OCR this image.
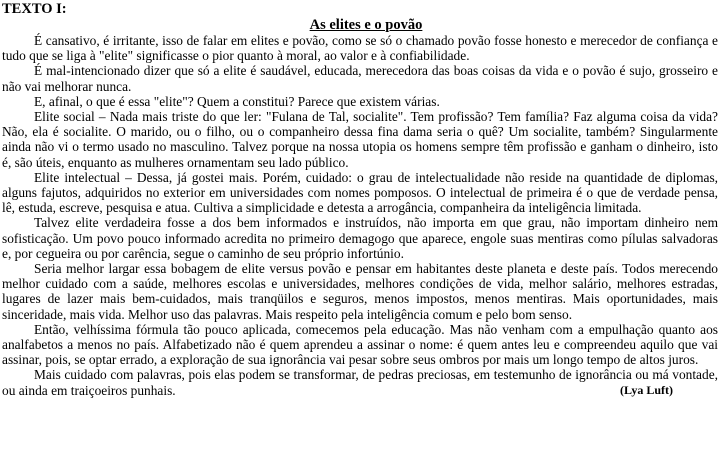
TEXTO I:

As elites e o povão

É cansativo, é irritante, isso de falar em elites e povão, como se só o chamado povão fosse honesto e merecedor de confiança e tudo que se liga à "elite" significasse o pior quanto à moral, ao valor e à confiabilidade.

É mal-intencionado dizer que só a elite é saudável, educada, merecedora das boas coisas da vida e o povão é sujo, grosseiro e não vai melhorar nunca.

E, afinal, o que é essa "elite"? Quem a constitui? Parece que existem várias.

Elite social – Nada mais triste do que ler: "Fulana de Tal, socialite". Tem profissão? Tem família? Faz alguma coisa da vida? Não, ela é socialite. O marido, ou o filho, ou o companheiro dessa fina dama seria o quê? Um socialite, também? Singularmente ainda não vi o termo usado no masculino. Talvez porque na nossa utopia os homens sempre têm profissão e ganham o dinheiro, isto é, são úteis, enquanto as mulheres ornamentam seu lado público.

Elite intelectual – Dessa, já gostei mais. Porém, cuidado: o grau de intelectualidade não reside na quantidade de diplomas, alguns fajutos, adquiridos no exterior em universidades com nomes pomposos. O intelectual de primeira é o que de verdade pensa, lê, estuda, escreve, pesquisa e atua. Cultiva a simplicidade e detesta a arrogância, companheira da inteligência limitada.

Talvez elite verdadeira fosse a dos bem informados e instruídos, não importa em que grau, não importam dinheiro nem sofisticação. Um povo pouco informado acredita no primeiro demagogo que aparece, engole suas mentiras como pílulas salvadoras e, por cegueira ou por carência, segue o caminho de seu próprio infortúnio.

Seria melhor largar essa bobagem de elite versus povão e pensar em habitantes deste planeta e deste país. Todos merecendo melhor cuidado com a saúde, melhores escolas e universidades, melhores condições de vida, melhor salário, melhores estradas, lugares de lazer mais bem-cuidados, mais tranqüilos e seguros, menos impostos, menos mentiras. Mais oportunidades, mais sinceridade, mais vida. Melhor uso das palavras. Mais respeito pela inteligência comum e pelo bom senso.

Então, velhíssima fórmula tão pouco aplicada, comecemos pela educação. Mas não venham com a empulhação quanto aos analfabetos a menos no país. Alfabetizado não é quem aprendeu a assinar o nome: é quem antes leu e compreendeu aquilo que vai assinar, pois, se optar errado, a exploração de sua ignorância vai pesar sobre seus ombros por mais um longo tempo de altos juros.

Mais cuidado com palavras, pois elas podem se transformar, de pedras preciosas, em testemunho de ignorância ou má vontade, ou ainda em traiçoeiros punhais.	(Lya Luft)
